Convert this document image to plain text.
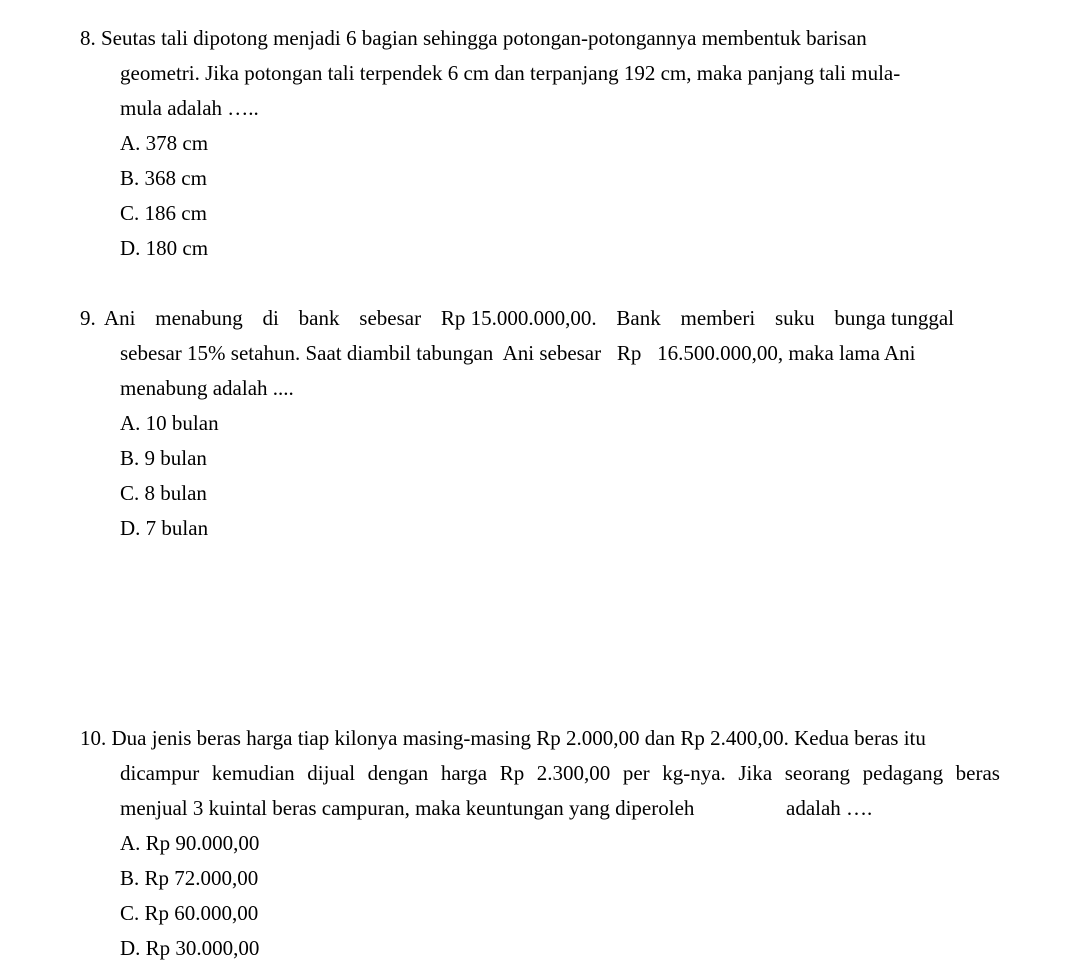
8. Seutas tali dipotong menjadi 6 bagian sehingga potongan-potongannya membentuk barisan
geometri. Jika potongan tali terpendek 6 cm dan terpanjang 192 cm, maka panjang tali mula-
mula adalah …..
A. 378 cm
B. 368 cm
C. 186 cm
D. 180 cm
9. Ani menabung di bank sebesar Rp 15.000.000,00. Bank memberi suku bunga tunggal
sebesar 15% setahun. Saat diambil tabungan  Ani sebesar   Rp   16.500.000,00, maka lama Ani
menabung adalah ....
A. 10 bulan
B. 9 bulan
C. 8 bulan
D. 7 bulan
10. Dua jenis beras harga tiap kilonya masing-masing Rp 2.000,00 dan Rp 2.400,00. Kedua beras itu
dicampur kemudian dijual dengan harga Rp 2.300,00 per kg-nya. Jika seorang pedagang beras
menjual 3 kuintal beras campuran, maka keuntungan yang diperoleh	adalah ….
A. Rp 90.000,00
B. Rp 72.000,00
C. Rp 60.000,00
D. Rp 30.000,00
